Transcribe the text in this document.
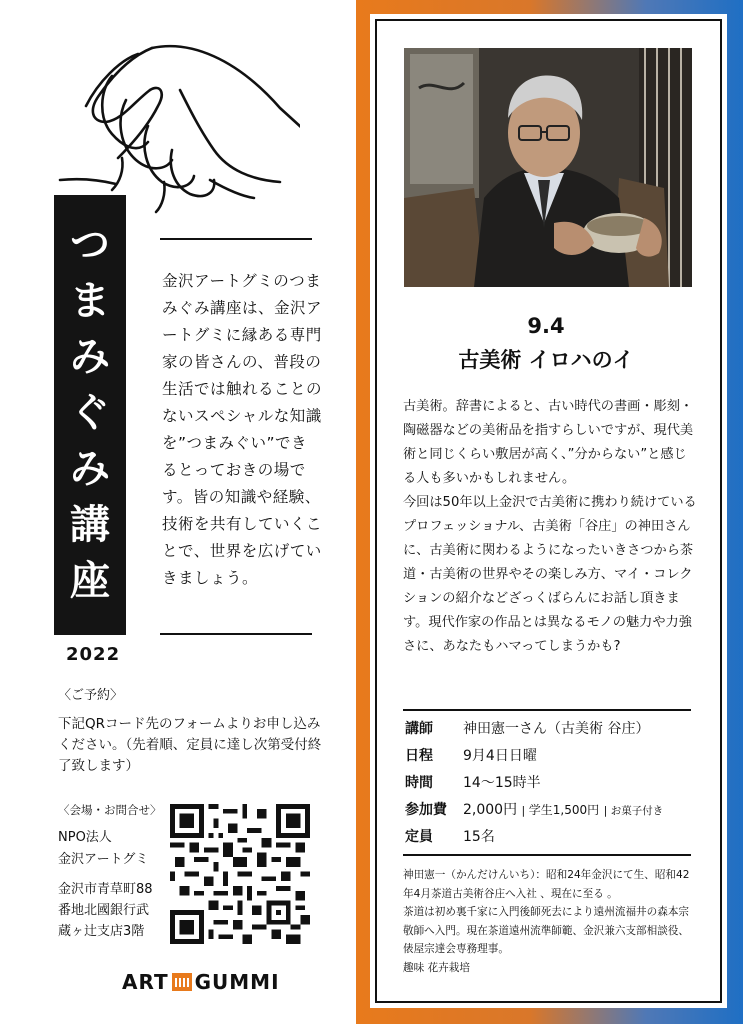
つ
ま
み
ぐ
み
講
座
2022
金沢アートグミのつまみぐみ講座は、金沢アートグミに縁ある専門家の皆さんの、普段の生活では触れることのないスペシャルな知識を”つまみぐい”できるとっておきの場です。皆の知識や経験、技術を共有していくことで、世界を広げていきましょう。
〈ご予約〉
下記QRコード先のフォームよりお申し込みください。（先着順、定員に達し次第受付終了致します）
〈会場・お問合せ〉
NPO法人
金沢アートグミ
金沢市青草町88
番地北國銀行武
蔵ヶ辻支店3階
ART GUMMI
9.4
古美術 イロハのイ

古美術。辞書によると、古い時代の書画・彫刻・陶磁器などの美術品を指すらしいですが、現代美術と同じくらい敷居が高く、”分からない”と感じる人も多いかもしれません。

今回は50年以上金沢で古美術に携わり続けているプロフェッショナル、古美術「谷庄」の神田さんに、古美術に関わるようになったいきさつから茶道・古美術の世界やその楽しみ方、マイ・コレクションの紹介などざっくばらんにお話し頂きます。現代作家の作品とは異なるモノの魅力や力強さに、あなたもハマってしまうかも?

講師 神田憲一さん（古美術 谷庄）
日程 9月4日日曜
時間 14〜15時半
参加費 2,000円 | 学生1,500円 | お菓子付き
定員 15名

神田憲一（かんだけんいち）：昭和24年金沢にて生、昭和42年4月茶道古美術谷庄へ入社 、現在に至る 。

茶道は初め裏千家に入門後師死去により遠州流福井の森本宗敬師へ入門。現在茶道遠州流準師範、金沢兼六支部相談役、俵屋宗達会専務理事。

趣味 花卉栽培
